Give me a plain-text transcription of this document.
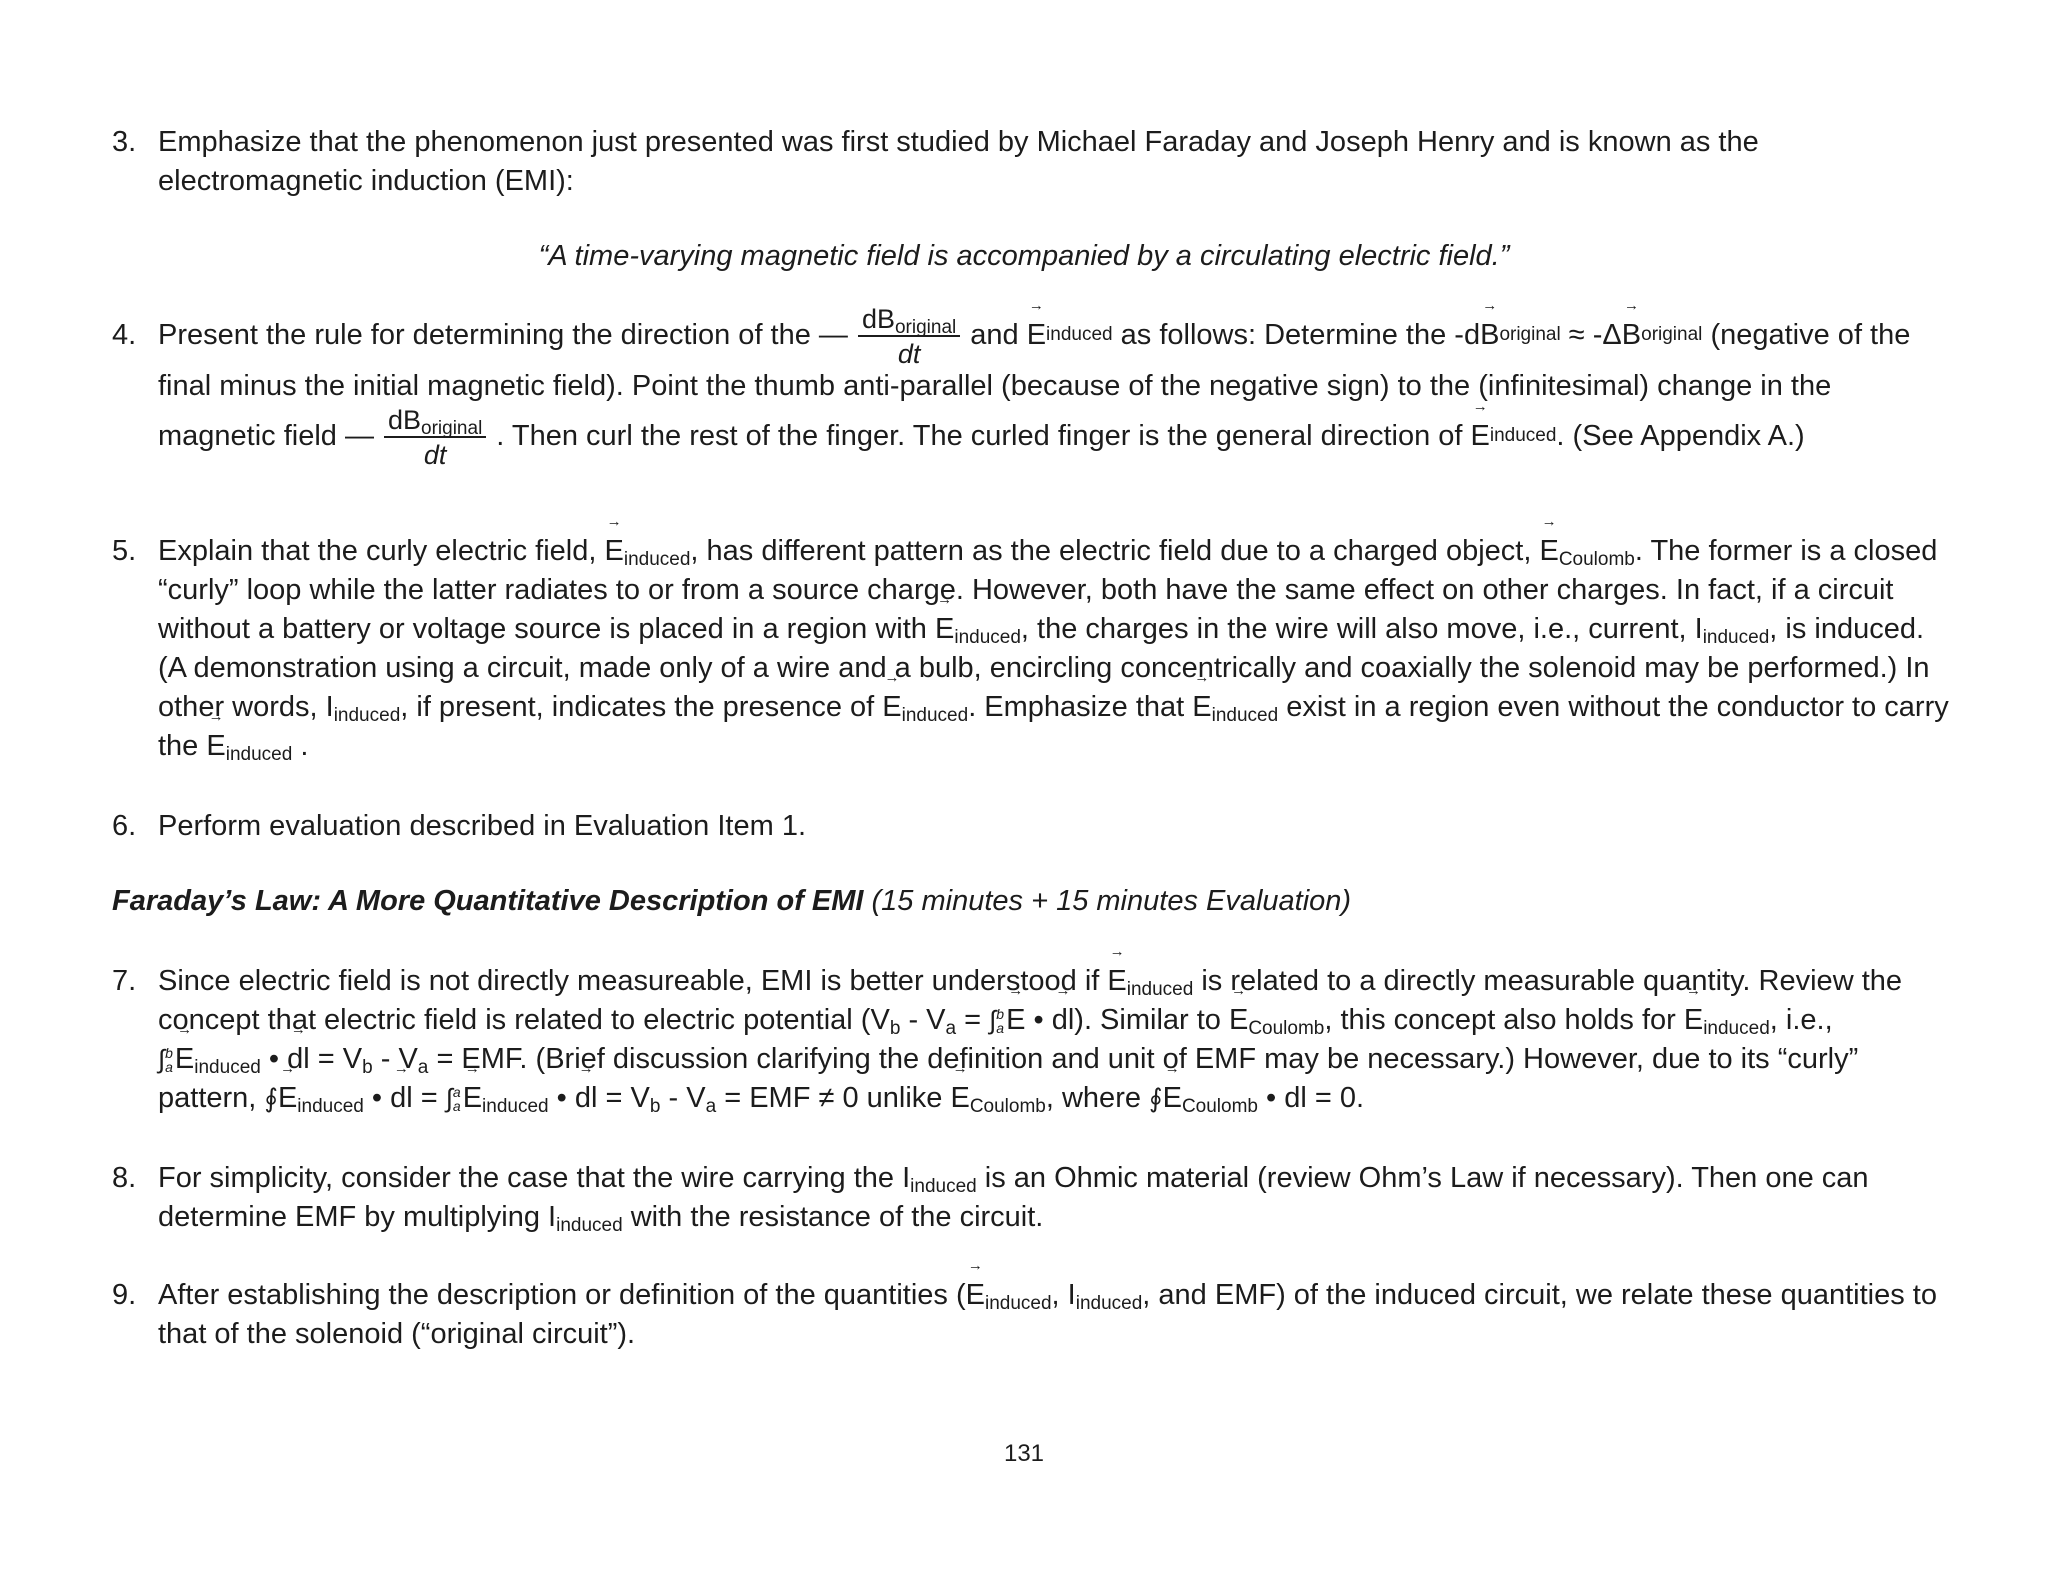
3. Emphasize that the phenomenon just presented was first studied by Michael Faraday and Joseph Henry and is known as the
electromagnetic induction (EMI):
“A time-varying magnetic field is accompanied by a circulating electric field.”
4. Present the rule for determining the direction of the — $\frac{dB_{original}}{dt}$ and

→ E induced
as follows: Determine the -d
→ B original
≈ -Δ
→ B original
(negative of the
final minus the initial magnetic field). Point the thumb anti-parallel (because of the negative sign) to the (infinitesimal) change in the
magnetic field — $\frac{dB_{original}}{dt}$ . Then curl the rest of the finger. The curled finger is the general direction of

→ E induced . (See Appendix A.)
5. Explain that the curly electric field, → $E_{induced}$, has different pattern as the electric field due to a charged object, → $E_{Coulomb}$. The former is a closed
“curly” loop while the latter radiates to or from a source charge. However, both have the same effect on other charges. In fact, if a circuit
without a battery or voltage source is placed in a region with → $E_{induced}$, the charges in the wire will also move, i.e., current, $I_{induced}$, is induced.
(A demonstration using a circuit, made only of a wire and a bulb, encircling concentrically and coaxially the solenoid may be performed.) In
other words, $I_{induced}$, if present, indicates the presence of → $E_{induced}$. Emphasize that → $E_{induced}$ exist in a region even without the conductor to carry
the → $E_{induced}$ .
6. Perform evaluation described in Evaluation Item 1.
Faraday’s Law: A More Quantitative Description of EMI (15 minutes + 15 minutes Evaluation)
7. Since electric field is not directly measureable, EMI is better understood if → $E_{induced}$ is related to a directly measurable quantity. Review the
concept that electric field is related to electric potential ($V_b - V_a$ = ∫ b
a
→ E • → dl). Similar to → $E_{Coulomb}$, this concept also holds for → $E_{induced}$, i.e.,
∫ b
a
→ $E_{induced}$ • → dl = $V_b - V_a$ = EMF. (Brief discussion clarifying the definition and unit of EMF may be necessary.) However, due to its “curly”
pattern, ∮→ $E_{induced}$ • → dl = ∫ a
a
→ $E_{induced}$ • → dl = $V_b - V_a$ = EMF ≠ 0 unlike → $E_{Coulomb}$, where ∮→ $E_{Coulomb}$ • dl = 0.
8. For simplicity, consider the case that the wire carrying the $I_{induced}$ is an Ohmic material (review Ohm’s Law if necessary). Then one can
determine EMF by multiplying $I_{induced}$ with the resistance of the circuit.
9. After establishing the description or definition of the quantities (→ $E_{induced}$, $I_{induced}$, and EMF) of the induced circuit, we relate these quantities to
that of the solenoid (“original circuit”).
131
